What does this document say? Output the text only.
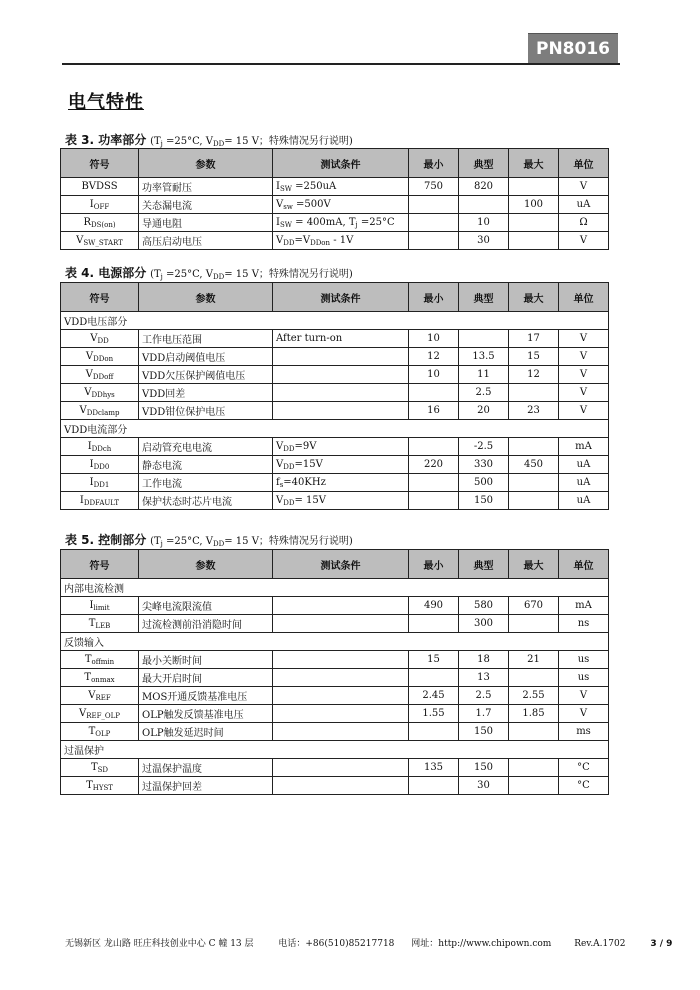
PN8016
电气特性
表 3. 功率部分 ($T_j =25^\circ C$, $V_{DD}= 15$ V；特殊情况另行说明)
符号	参数	测试条件	最小	典型	最大	单位
BVDSS	功率管耐压	$I_{SW} =250uA$	750	820		V
$I_{OFF}$	关态漏电流	$V_{sw} =500V$			100	uA
$R_{DS(on)}$	导通电阻	$I_{SW} = 400mA$, $T_j =25^\circ C$		10		Ω
$V_{SW\_START}$	高压启动电压	$V_{DD}=V_{DDon} - 1V$		30		V
表 4. 电源部分 ($T_j =25^\circ C$, $V_{DD}= 15$ V；特殊情况另行说明)
符号	参数	测试条件	最小	典型	最大	单位
VDD电压部分						
$V_{DD}$	工作电压范围	After turn-on	10		17	V
$V_{DDon}$	VDD启动阈值电压		12	13.5	15	V
$V_{DDoff}$	VDD欠压保护阈值电压		10	11	12	V
$V_{DDhys}$	VDD回差			2.5		V
$V_{DDclamp}$	VDD钳位保护电压		16	20	23	V
VDD电流部分						
$I_{DDch}$	启动管充电电流	$V_{DD}=9V$		-2.5		mA
$I_{DD0}$	静态电流	$V_{DD}=15V$	220	330	450	uA
$I_{DD1}$	工作电流	$f_s=40KHz$		500		uA
$I_{DDFAULT}$	保护状态时芯片电流	$V_{DD}= 15V$		150		uA
表 5. 控制部分 ($T_j =25^\circ C$, $V_{DD}= 15$ V；特殊情况另行说明)
符号	参数	测试条件	最小	典型	最大	单位
内部电流检测						
$I_{limit}$	尖峰电流限流值		490	580	670	mA
$T_{LEB}$	过流检测前沿消隐时间			300		ns
反馈输入						
$T_{offmin}$	最小关断时间		15	18	21	us
$T_{onmax}$	最大开启时间			13		us
$V_{REF}$	MOS开通反馈基准电压		2.45	2.5	2.55	V
$V_{REF\_OLP}$	OLP触发反馈基准电压		1.55	1.7	1.85	V
$T_{OLP}$	OLP触发延迟时间			150		ms
过温保护						
$T_{SD}$	过温保护温度		135	150		°C
$T_{HYST}$	过温保护回差			30		°C
无锡新区 龙山路 旺庄科技创业中心 C 幢 13 层	电话：+86(510)85217718 网址：http://www.chipown.com	Rev.A.1702	3 / 9
